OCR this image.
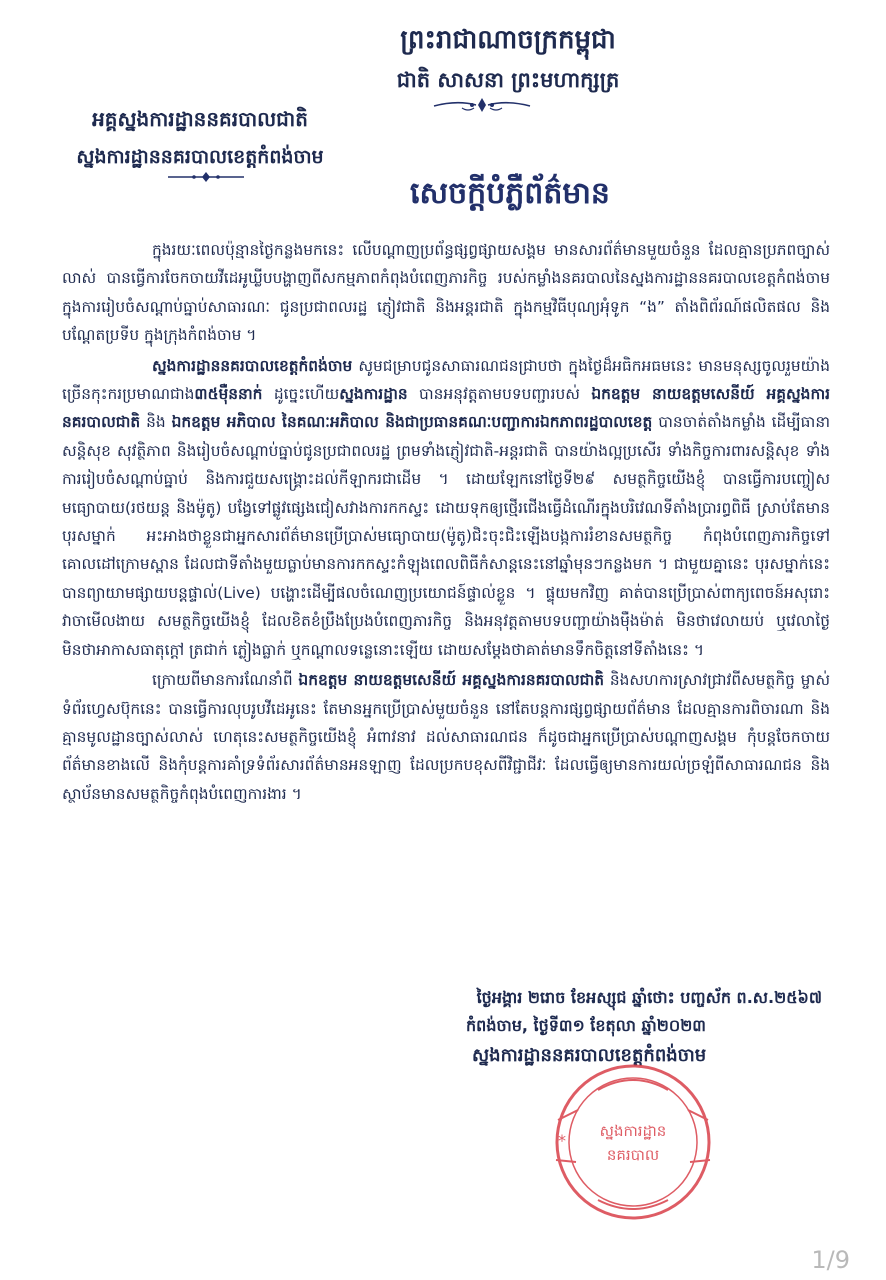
ព្រះរាជាណាចក្រកម្ពុជា
ជាតិ សាសនា ព្រះមហាក្សត្រ
អគ្គស្នងការដ្ឋាននគរបាលជាតិ
ស្នងការដ្ឋាននគរបាលខេត្តកំពង់ចាម
សេចក្ដីបំភ្លឺព័ត៌មាន

ក្នុងរយៈពេលប៉ុន្មានថ្ងៃកន្លងមកនេះ លើបណ្តាញប្រព័ន្ធផ្សព្វផ្សាយសង្គម មានសារព័ត៌មានមួយចំនួន ដែលគ្មានប្រភពច្បាស់លាស់ បានធ្វើការចែកចាយវីដេអូឃ្លីបបង្ហាញពីសកម្មភាពកំពុងបំពេញភារកិច្ច របស់កម្លាំងនគរបាលនៃស្នងការដ្ឋាននគរបាលខេត្តកំពង់ចាម ក្នុងការរៀបចំសណ្តាប់ធ្នាប់សាធារណៈ ជូនប្រជាពលរដ្ឋ ភ្ញៀវជាតិ និងអន្តរជាតិ ក្នុងកម្មវិធីបុណ្យអុំទូក “ង” តាំងពិព័រណ៍ផលិតផល និងបណ្តែតប្រទីប ក្នុងក្រុងកំពង់ចាម ។

ស្នងការដ្ឋាននគរបាលខេត្តកំពង់ចាម សូមជម្រាបជូនសាធារណជនជ្រាបថា ក្នុងថ្ងៃដ៏អធិកអធមនេះ មានមនុស្សចូលរួមយ៉ាងច្រើនកុះករប្រមាណជាង៣៥ម៉ឺននាក់ ដូច្នេះហើយស្នងការដ្ឋាន បានអនុវត្តតាមបទបញ្ជារបស់ ឯកឧត្តម នាយឧត្តមសេនីយ៍ អគ្គស្នងការនគរបាលជាតិ និង ឯកឧត្តម អភិបាល នៃគណៈអភិបាល និងជាប្រធានគណៈបញ្ជាការឯកភាពរដ្ឋបាលខេត្ត បានចាត់តាំងកម្លាំង ដើម្បីធានាសន្តិសុខ សុវត្ថិភាព និងរៀបចំសណ្តាប់ធ្នាប់ជូនប្រជាពលរដ្ឋ ព្រមទាំងភ្ញៀវជាតិ-អន្តរជាតិ បានយ៉ាងល្អប្រសើរ ទាំងកិច្ចការពារសន្តិសុខ ទាំងការរៀបចំសណ្តាប់ធ្នាប់ និងការជួយសង្គ្រោះដល់កីឡាករជាដើម ។ ដោយឡែកនៅថ្ងៃទី២៩ សមត្ថកិច្ចយើងខ្ញុំ បានធ្វើការបញ្ចៀសមធ្យោបាយ(រថយន្ត និងម៉ូតូ) បង្វែទៅផ្លូវផ្សេងជៀសវាងការកកស្ទះ ដោយទុកឲ្យថ្មើរជើងធ្វើដំណើរក្នុងបរិវេណទីតាំងប្រារព្ធពិធី ស្រាប់តែមានបុរសម្នាក់ អះអាងថាខ្លួនជាអ្នកសារព័ត៌មានប្រើប្រាស់មធ្យោបាយ(ម៉ូតូ)ជិះចុះជិះឡើងបង្កការរំខានសមត្ថកិច្ច កំពុងបំពេញភារកិច្ចទៅគោលដៅក្រោមស្ពាន ដែលជាទីតាំងមួយធ្លាប់មានការកកស្ទះកំឡុងពេលពិធីកំសាន្តនេះនៅឆ្នាំមុនៗកន្លងមក ។ ជាមួយគ្នានេះ បុរសម្នាក់នេះបានព្យាយាមផ្សាយបន្តផ្ទាល់(Live) បង្ហោះដើម្បីផលចំណេញប្រយោជន៍ផ្ទាល់ខ្លួន ។ ផ្ទុយមកវិញ គាត់បានប្រើប្រាស់ពាក្យពេចន៍អសុរោះវាចាមើលងាយ សមត្ថកិច្ចយើងខ្ញុំ ដែលខិតខំប្រឹងប្រែងបំពេញភារកិច្ច និងអនុវត្តតាមបទបញ្ជាយ៉ាងម៉ឺងម៉ាត់ មិនថាវេលាយប់ ឬវេលាថ្ងៃ មិនថាអាកាសធាតុក្តៅ ត្រជាក់ ភ្លៀងធ្លាក់ ឬកណ្តាលទន្លេនោះឡើយ ដោយសម្តែងថាគាត់មានទឹកចិត្តនៅទីតាំងនេះ ។

ក្រោយពីមានការណែនាំពី ឯកឧត្តម នាយឧត្តមសេនីយ៍ អគ្គស្នងការនគរបាលជាតិ និងសហការស្រាវជ្រាវពីសមត្ថកិច្ច ម្ចាស់ទំព័រហ្វេសប៊ុកនេះ បានធ្វើការលុបរូបវីដេអូនេះ តែមានអ្នកប្រើប្រាស់មួយចំនួន នៅតែបន្តការផ្សព្វផ្សាយព័ត៌មាន ដែលគ្មានការពិចារណា និងគ្មានមូលដ្ឋានច្បាស់លាស់ ហេតុនេះសមត្ថកិច្ចយើងខ្ញុំ អំពាវនាវ ដល់សាធារណជន ក៏ដូចជាអ្នកប្រើប្រាស់បណ្តាញសង្គម កុំបន្តចែកចាយព័ត៌មានខាងលើ និងកុំបន្តការគាំទ្រទំព័រសារព័ត៌មានអនឡាញ ដែលប្រកបខុសពីវិជ្ជាជីវៈ ដែលធ្វើឲ្យមានការយល់ច្រឡំពីសាធារណជន និងស្ថាប័នមានសមត្ថកិច្ចកំពុងបំពេញការងារ ។

ថ្ងៃអង្គារ ២រោច ខែអស្សុជ ឆ្នាំថោះ បញ្ចស័ក ព.ស.២៥៦៧
កំពង់ចាម, ថ្ងៃទី៣១ ខែតុលា ឆ្នាំ២០២៣
ស្នងការដ្ឋាននគរបាលខេត្តកំពង់ចាម
ស្នងការដ្ឋាន
នគរបាល
*
1/9
